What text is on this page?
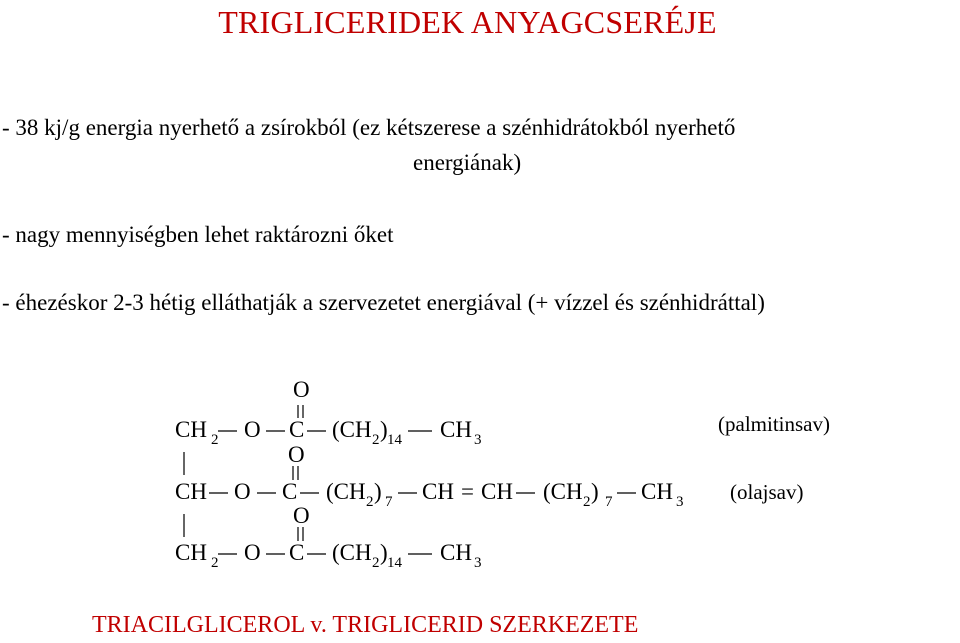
TRIGLICERIDEK ANYAGCSERÉJE
- 38 kj/g energia nyerhető a zsírokból (ez kétszerese a szénhidrátokból nyerhető
energiának)
- nagy mennyiségben lehet raktározni őket
- éhezéskor 2-3 hétig elláthatják a szervezetet energiával (+ vízzel és szénhidráttal)
O
CH 2 O C (CH 2 ) 14 CH 3
(palmitinsav)
O
CH O C (CH 2 ) 7 CH = CH (CH 2 ) 7 CH 3 (olajsav)
O
CH 2 O C (CH 2 ) 14 CH 3
TRIACILGLICEROL v. TRIGLICERID SZERKEZETE
